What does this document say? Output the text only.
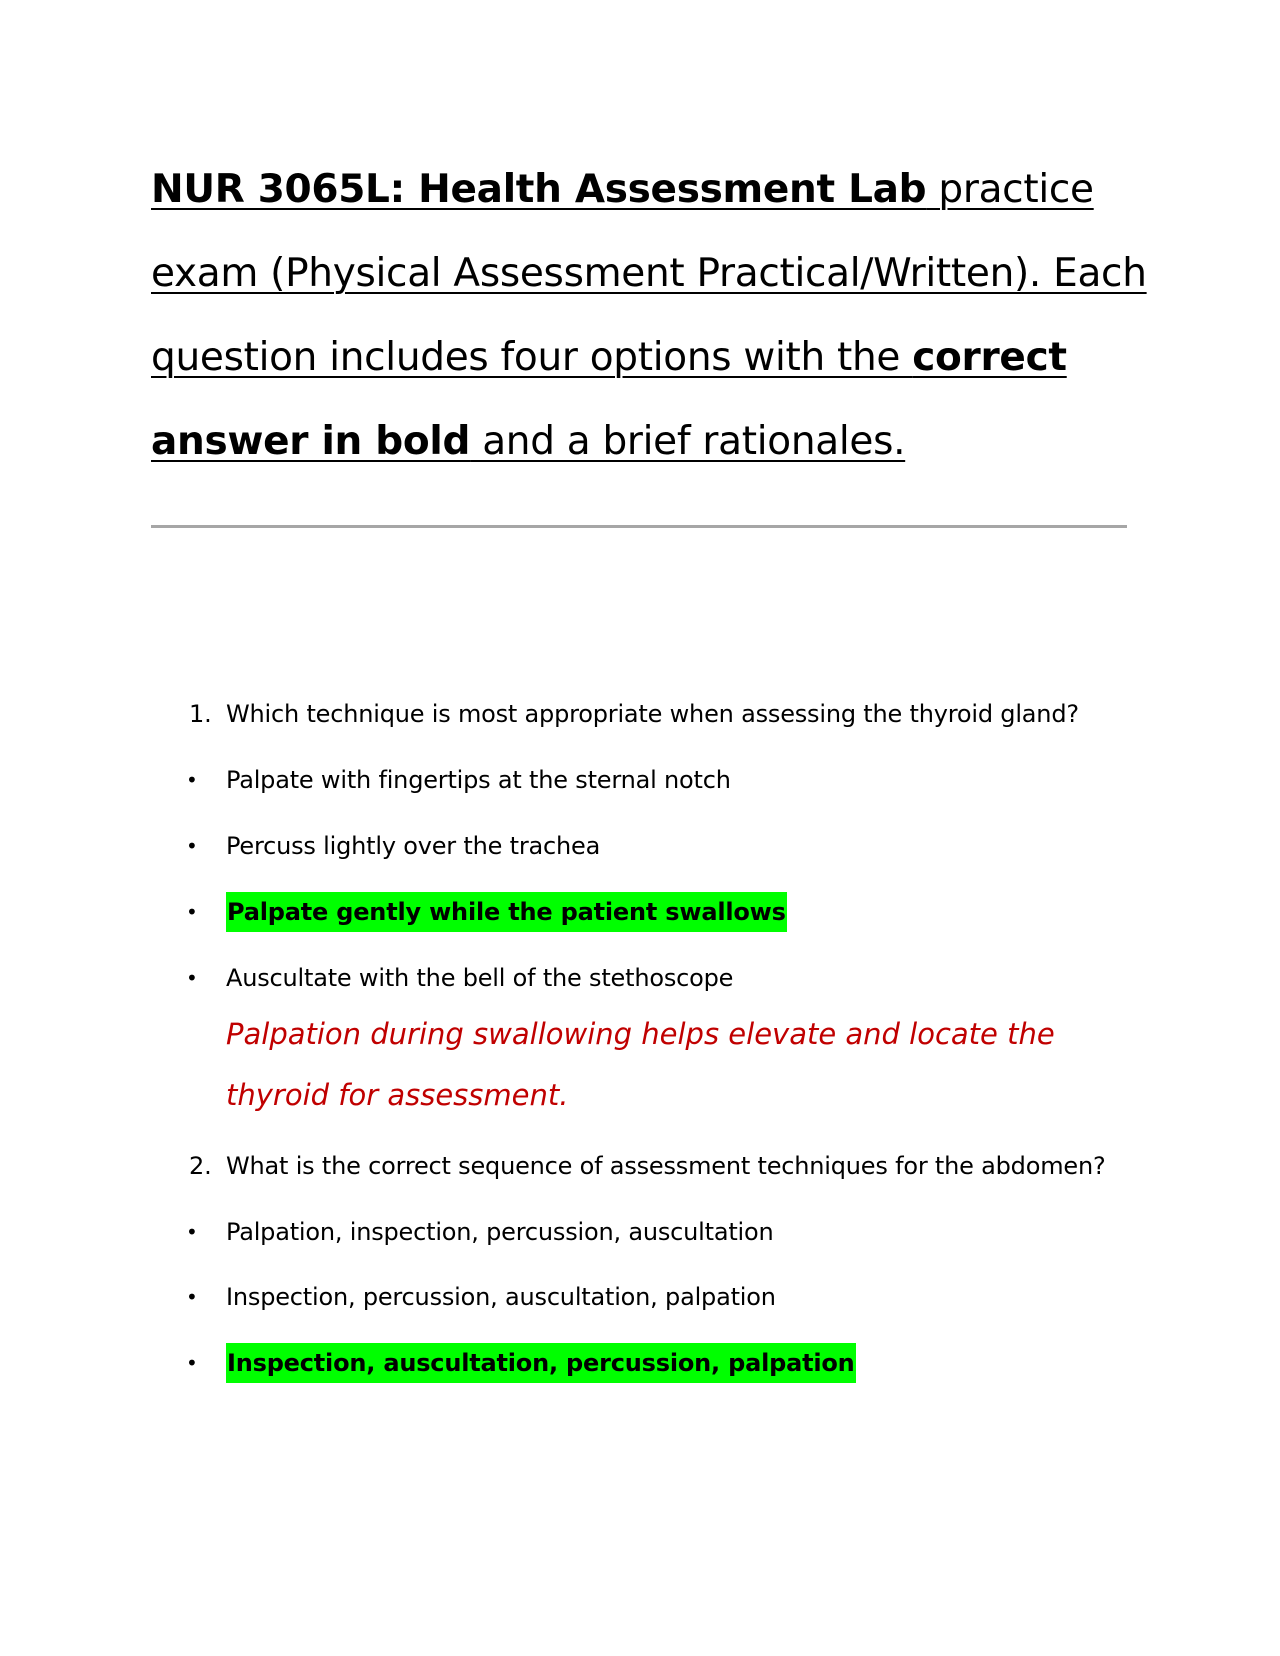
NUR 3065L: Health Assessment Lab practice exam (Physical Assessment Practical/Written). Each question includes four options with the correct answer in bold and a brief rationales.
1. Which technique is most appropriate when assessing the thyroid gland?
• Palpate with fingertips at the sternal notch
• Percuss lightly over the trachea
• Palpate gently while the patient swallows
• Auscultate with the bell of the stethoscope
Palpation during swallowing helps elevate and locate the thyroid for assessment.
2. What is the correct sequence of assessment techniques for the abdomen?
• Palpation, inspection, percussion, auscultation
• Inspection, percussion, auscultation, palpation
• Inspection, auscultation, percussion, palpation
